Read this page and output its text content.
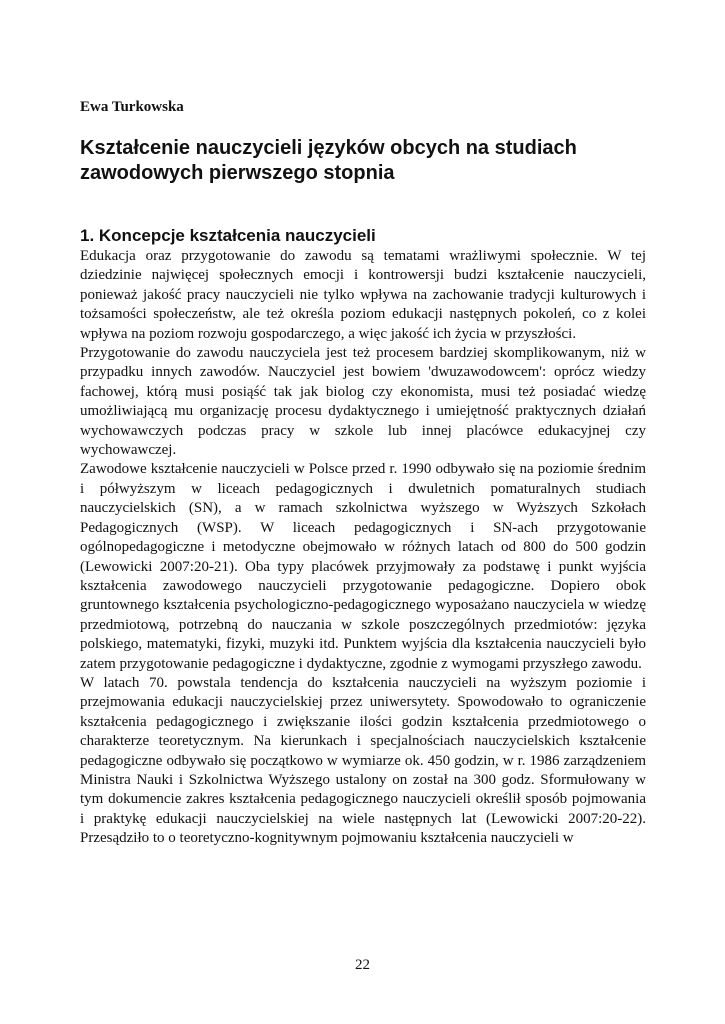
Ewa Turkowska

Kształcenie nauczycieli języków obcych na studiach
zawodowych pierwszego stopnia
1. Koncepcje kształcenia nauczycieli

Edukacja oraz przygotowanie do zawodu są tematami wrażliwymi społecznie. W tej dziedzinie najwięcej społecznych emocji i kontrowersji budzi kształcenie nauczycieli, ponieważ jakość pracy nauczycieli nie tylko wpływa na zachowanie tradycji kulturowych i tożsamości społeczeństw, ale też określa poziom edukacji następnych pokoleń, co z kolei wpływa na poziom rozwoju gospodarczego, a więc jakość ich życia w przyszłości.

Przygotowanie do zawodu nauczyciela jest też procesem bardziej skomplikowanym, niż w przypadku innych zawodów. Nauczyciel jest bowiem 'dwuzawodowcem': oprócz wiedzy fachowej, którą musi posiąść tak jak biolog czy ekonomista, musi też posiadać wiedzę umożliwiającą mu organizację procesu dydaktycznego i umiejętność praktycznych działań wychowawczych podczas pracy w szkole lub innej placówce edukacyjnej czy wychowawczej.

Zawodowe kształcenie nauczycieli w Polsce przed r. 1990 odbywało się na poziomie średnim i półwyższym w liceach pedagogicznych i dwuletnich pomaturalnych studiach nauczycielskich (SN), a w ramach szkolnictwa wyższego w Wyższych Szkołach Pedagogicznych (WSP). W liceach pedagogicznych i SN-ach przygotowanie ogólnopedagogiczne i metodyczne obejmowało w różnych latach od 800 do 500 godzin (Lewowicki 2007:20-21). Oba typy placówek przyjmowały za podstawę i punkt wyjścia kształcenia zawodowego nauczycieli przygotowanie pedagogiczne. Dopiero obok gruntownego kształcenia psychologiczno-pedagogicznego wyposażano nauczyciela w wiedzę przedmiotową, potrzebną do nauczania w szkole poszczególnych przedmiotów: języka polskiego, matematyki, fizyki, muzyki itd. Punktem wyjścia dla kształcenia nauczycieli było zatem przygotowanie pedagogiczne i dydaktyczne, zgodnie z wymogami przyszłego zawodu.

W latach 70. powstala tendencja do kształcenia nauczycieli na wyższym poziomie i przejmowania edukacji nauczycielskiej przez uniwersytety. Spowodowało to ograniczenie kształcenia pedagogicznego i zwiększanie ilości godzin kształcenia przedmiotowego o charakterze teoretycznym. Na kierunkach i specjalnościach nauczycielskich kształcenie pedagogiczne odbywało się początkowo w wymiarze ok. 450 godzin, w r. 1986 zarządzeniem Ministra Nauki i Szkolnictwa Wyższego ustalony on został na 300 godz. Sformułowany w tym dokumencie zakres kształcenia pedagogicznego nauczycieli określił sposób pojmowania i praktykę edukacji nauczycielskiej na wiele następnych lat (Lewowicki 2007:20-22). Przesądziło to o teoretyczno-kognitywnym pojmowaniu kształcenia nauczycieli w

22
